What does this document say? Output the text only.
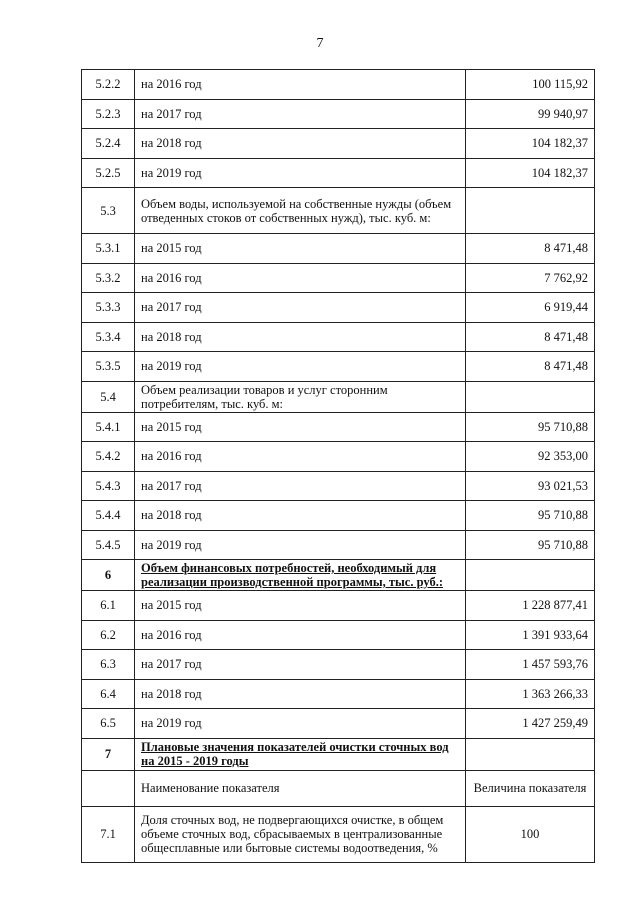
7
5.2.2	на 2016 год	100 115,92
5.2.3	на 2017 год	99 940,97
5.2.4	на 2018 год	104 182,37
5.2.5	на 2019 год	104 182,37
5.3	Объем воды, используемой на собственные нужды (объем отведенных стоков от собственных нужд), тыс. куб. м:	
5.3.1	на 2015 год	8 471,48
5.3.2	на 2016 год	7 762,92
5.3.3	на 2017 год	6 919,44
5.3.4	на 2018 год	8 471,48
5.3.5	на 2019 год	8 471,48
5.4	Объем реализации товаров и услуг сторонним потребителям, тыс. куб. м:	
5.4.1	на 2015 год	95 710,88
5.4.2	на 2016 год	92 353,00
5.4.3	на 2017 год	93 021,53
5.4.4	на 2018 год	95 710,88
5.4.5	на 2019 год	95 710,88
6	Объем финансовых потребностей, необходимый для реализации производственной программы, тыс. руб.:	
6.1	на 2015 год	1 228 877,41
6.2	на 2016 год	1 391 933,64
6.3	на 2017 год	1 457 593,76
6.4	на 2018 год	1 363 266,33
6.5	на 2019 год	1 427 259,49
7	Плановые значения показателей очистки сточных вод на 2015 - 2019 годы	
	Наименование показателя	Величина показателя
7.1	Доля сточных вод, не подвергающихся очистке, в общем объеме сточных вод, сбрасываемых в централизованные общесплавные или бытовые системы водоотведения, %	100
